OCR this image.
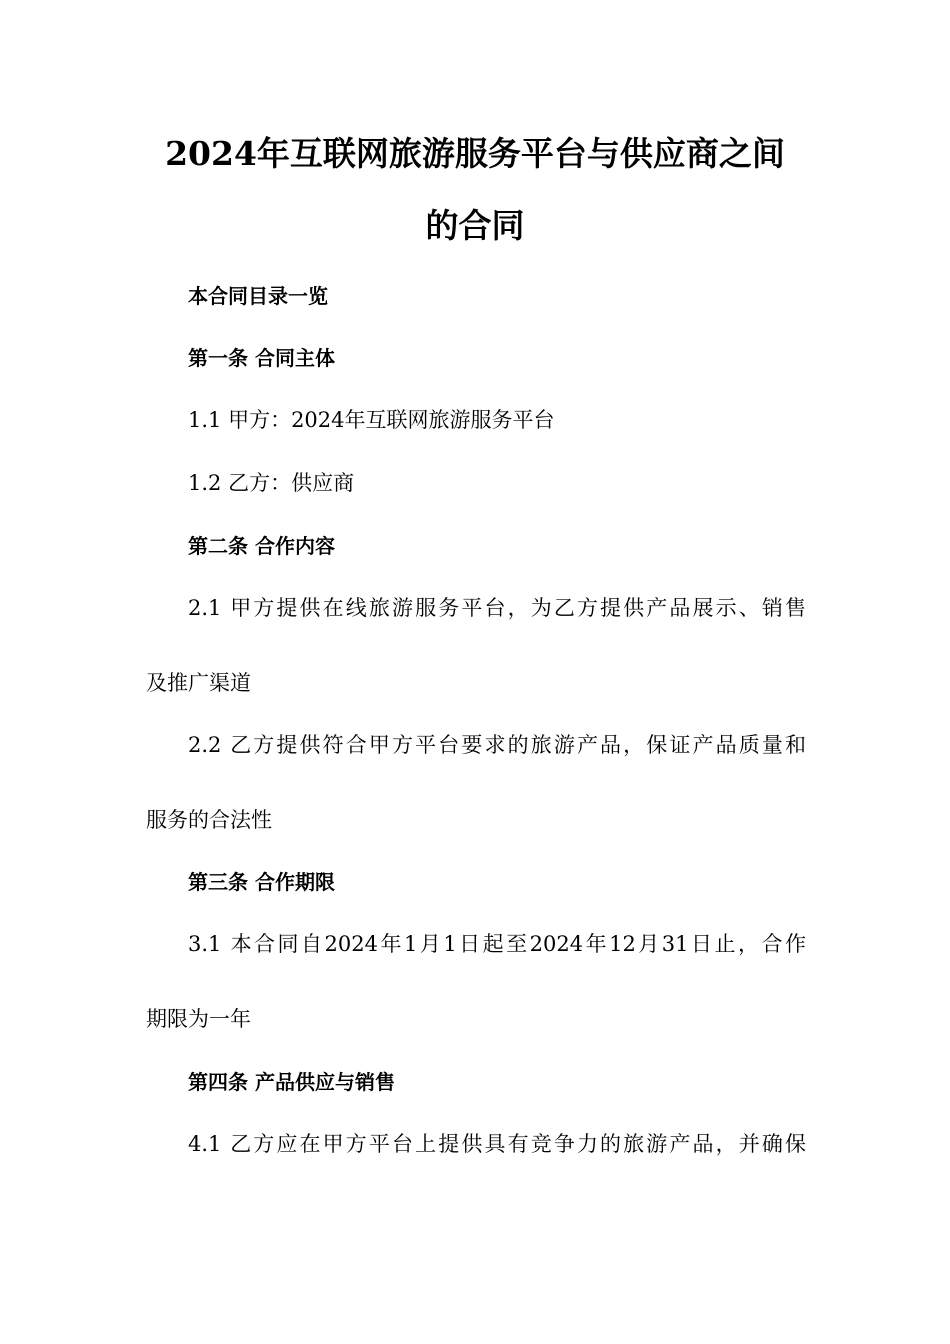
2024年互联网旅游服务平台与供应商之间
的合同
本合同目录一览
第一条 合同主体
1.1 甲方：2024年互联网旅游服务平台
1.2 乙方：供应商
第二条 合作内容
2.1 甲方提供在线旅游服务平台，为乙方提供产品展示、销售
及推广渠道
2.2 乙方提供符合甲方平台要求的旅游产品，保证产品质量和
服务的合法性
第三条 合作期限
3.1 本合同自2024年1月1日起至2024年12月31日止，合作
期限为一年
第四条 产品供应与销售
4.1 乙方应在甲方平台上提供具有竞争力的旅游产品，并确保
